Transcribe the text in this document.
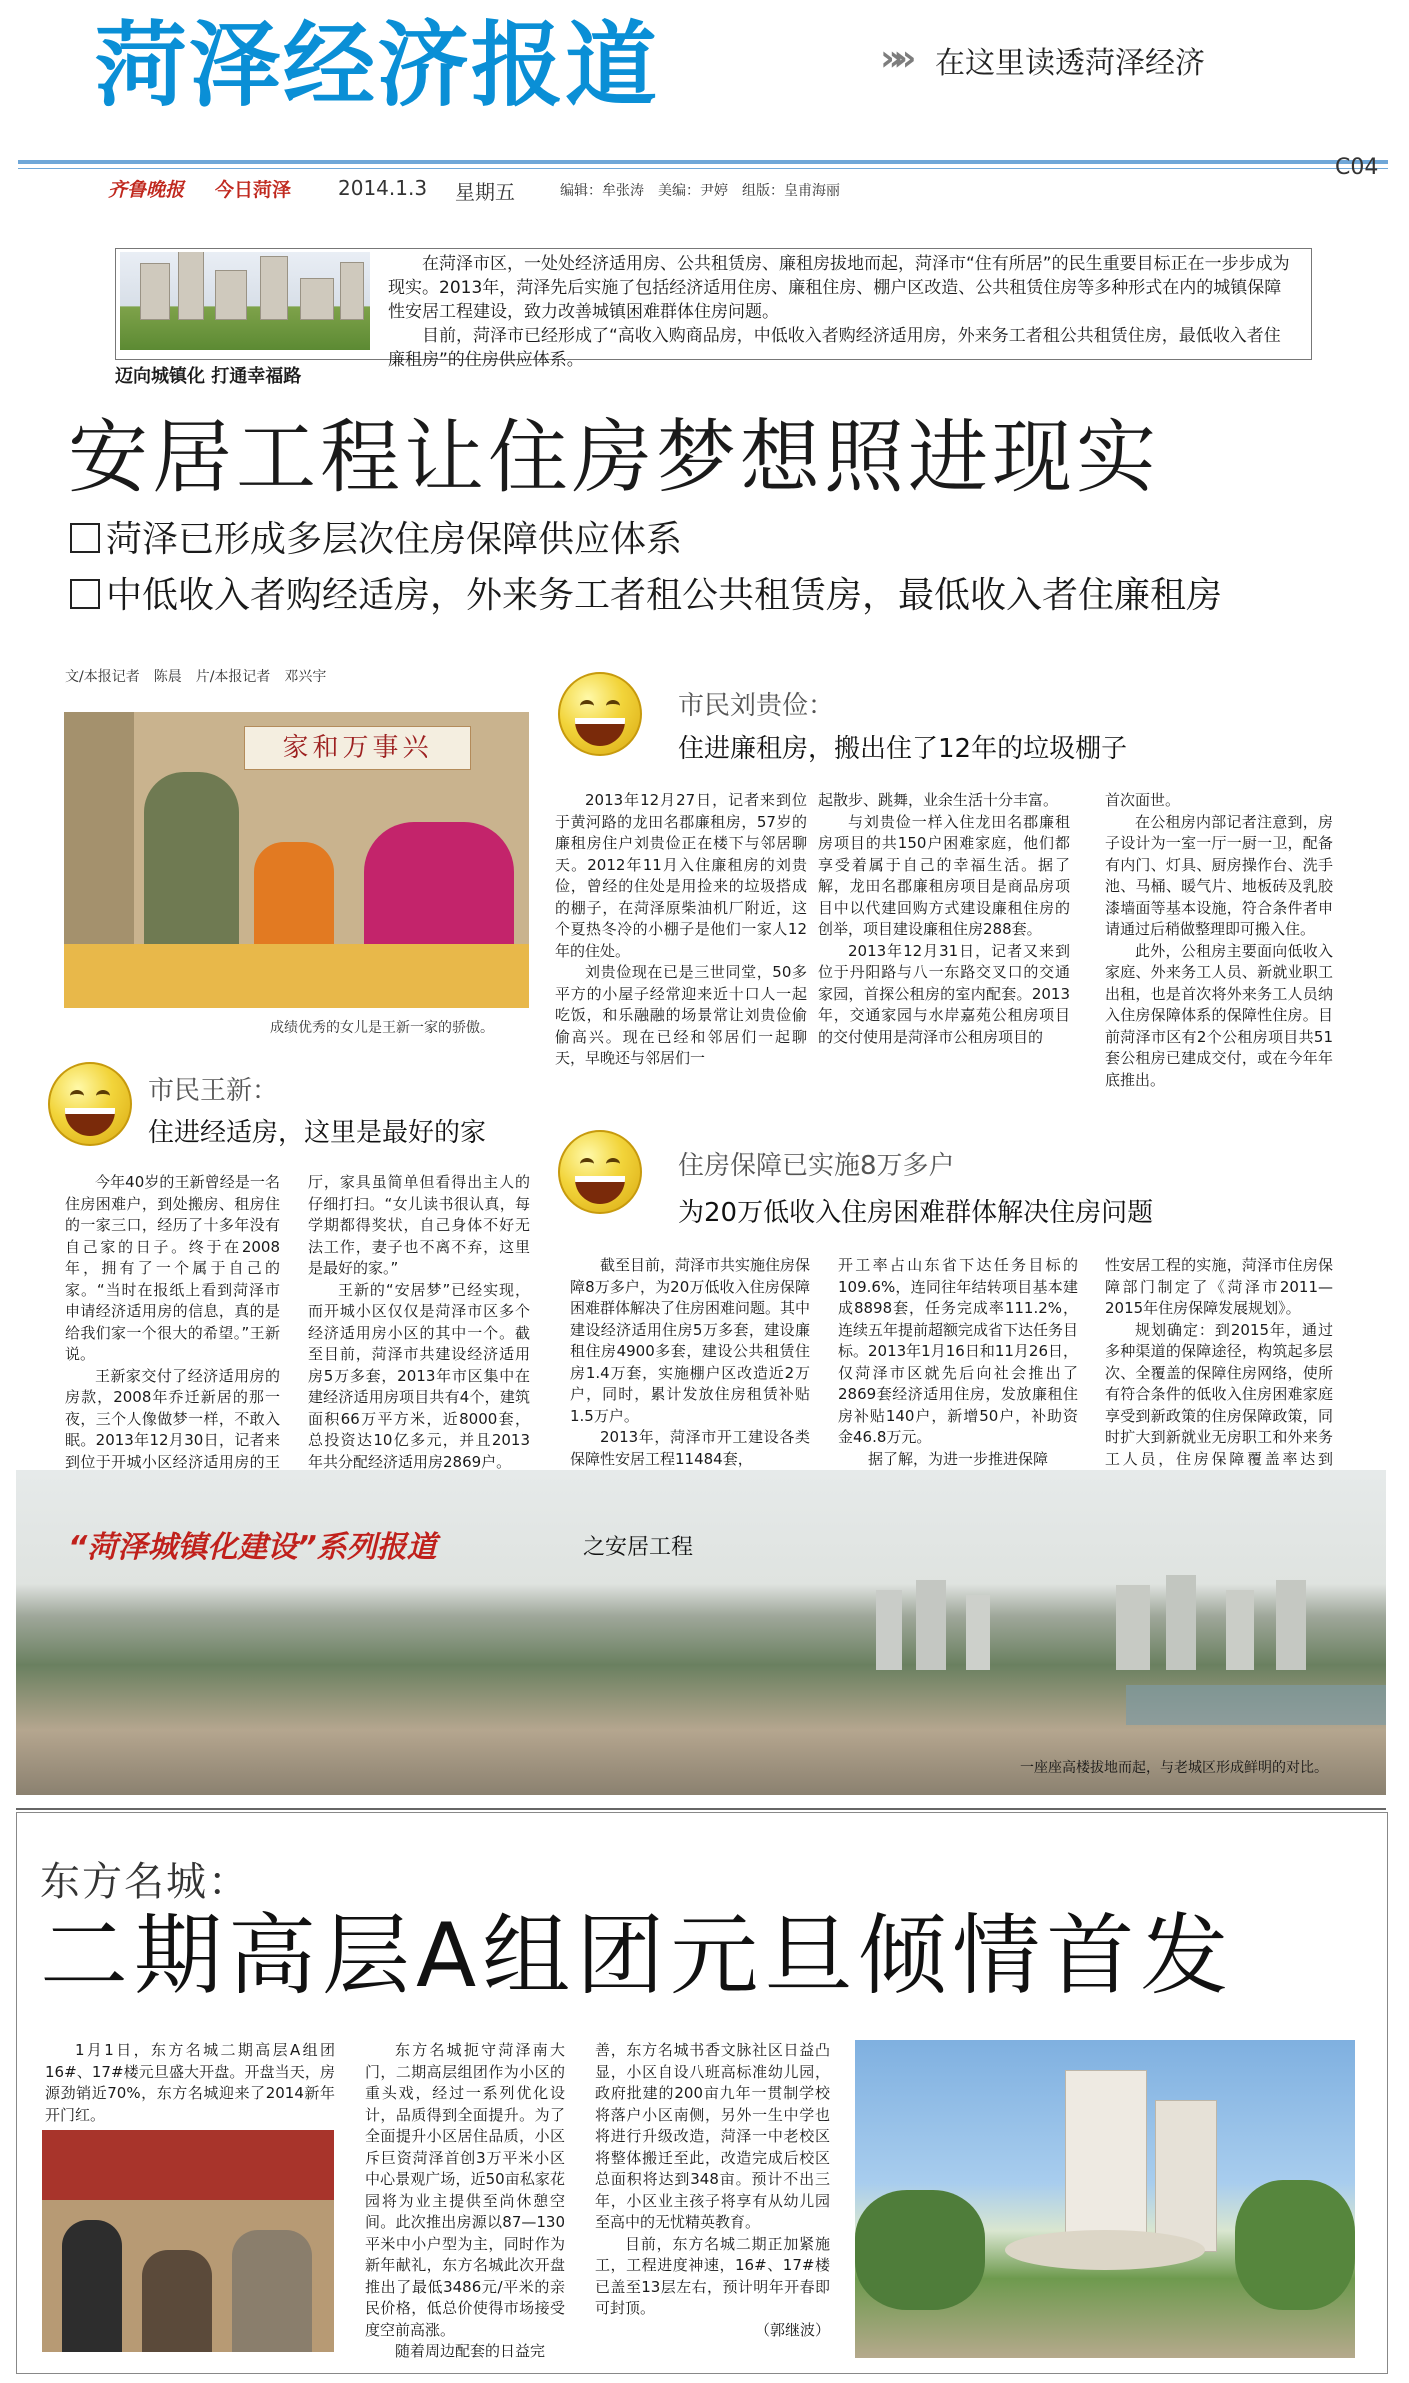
菏泽经济报道	»» 在这里读透菏泽经济
C04
齐鲁晚报 今日菏泽 2014.1.3 星期五	编辑：牟张涛　美编：尹婷　组版：皇甫海丽
在菏泽市区，一处处经济适用房、公共租赁房、廉租房拔地而起，菏泽市“住有所居”的民生重要目标正在一步步成为现实。2013年，菏泽先后实施了包括经济适用住房、廉租住房、棚户区改造、公共租赁住房等多种形式在内的城镇保障性安居工程建设，致力改善城镇困难群体住房问题。
目前，菏泽市已经形成了“高收入购商品房，中低收入者购经济适用房，外来务工者租公共租赁住房，最低收入者住廉租房”的住房供应体系。
迈向城镇化 打通幸福路
安居工程让住房梦想照进现实
菏泽已形成多层次住房保障供应体系
中低收入者购经适房，外来务工者租公共租赁房，最低收入者住廉租房
文/本报记者　陈晨　片/本报记者　邓兴宇
家和万事兴
成绩优秀的女儿是王新一家的骄傲。
市民刘贵俭：
住进廉租房，搬出住了12年的垃圾棚子
2013年12月27日，记者来到位于黄河路的龙田名郡廉租房，57岁的廉租房住户刘贵俭正在楼下与邻居聊天。2012年11月入住廉租房的刘贵俭，曾经的住处是用捡来的垃圾搭成的棚子，在菏泽原柴油机厂附近，这个夏热冬冷的小棚子是他们一家人12年的住处。
刘贵俭现在已是三世同堂，50多平方的小屋子经常迎来近十口人一起吃饭，和乐融融的场景常让刘贵俭偷偷高兴。现在已经和邻居们一起聊天，早晚还与邻居们一
起散步、跳舞，业余生活十分丰富。
与刘贵俭一样入住龙田名郡廉租房项目的共150户困难家庭，他们都享受着属于自己的幸福生活。据了解，龙田名郡廉租房项目是商品房项目中以代建回购方式建设廉租住房的创举，项目建设廉租住房288套。
2013年12月31日，记者又来到位于丹阳路与八一东路交叉口的交通家园，首探公租房的室内配套。2013年，交通家园与水岸嘉苑公租房项目的交付使用是菏泽市公租房项目的
首次面世。
在公租房内部记者注意到，房子设计为一室一厅一厨一卫，配备有内门、灯具、厨房操作台、洗手池、马桶、暖气片、地板砖及乳胶漆墙面等基本设施，符合条件者申请通过后稍做整理即可搬入住。
此外，公租房主要面向低收入家庭、外来务工人员、新就业职工出租，也是首次将外来务工人员纳入住房保障体系的保障性住房。目前菏泽市区有2个公租房项目共51套公租房已建成交付，或在今年年底推出。
市民王新：
住进经适房，这里是最好的家
今年40岁的王新曾经是一名住房困难户，到处搬房、租房住的一家三口，经历了十多年没有自己家的日子。终于在2008年，拥有了一个属于自己的家。“当时在报纸上看到菏泽市申请经济适用房的信息，真的是给我们家一个很大的希望。”王新说。
王新家交付了经济适用房的房款，2008年乔迁新居的那一夜，三个人像做梦一样，不敢入眠。2013年12月30日，记者来到位于开城小区经济适用房的王
厅，家具虽简单但看得出主人的仔细打扫。“女儿读书很认真，每学期都得奖状，自己身体不好无法工作，妻子也不离不弃，这里是最好的家。”
王新的“安居梦”已经实现，而开城小区仅仅是菏泽市区多个经济适用房小区的其中一个。截至目前，菏泽市共建设经济适用房5万多套，2013年市区集中在建经济适用房项目共有4个，建筑面积66万平方米，近8000套，总投资达10亿多元，并且2013年共分配经济适用房2869户。
住房保障已实施8万多户
为20万低收入住房困难群体解决住房问题
截至目前，菏泽市共实施住房保障8万多户，为20万低收入住房保障困难群体解决了住房困难问题。其中建设经济适用住房5万多套，建设廉租住房4900多套，建设公共租赁住房1.4万套，实施棚户区改造近2万户，同时，累计发放住房租赁补贴1.5万户。
2013年，菏泽市开工建设各类保障性安居工程11484套，
开工率占山东省下达任务目标的109.6%，连同往年结转项目基本建成8898套，任务完成率111.2%，连续五年提前超额完成省下达任务目标。2013年1月16日和11月26日，仅菏泽市区就先后向社会推出了2869套经济适用住房，发放廉租住房补贴140户，新增50户，补助资金46.8万元。
据了解，为进一步推进保障
性安居工程的实施，菏泽市住房保障部门制定了《菏泽市2011—2015年住房保障发展规划》。
规划确定：到2015年，通过多种渠道的保障途径，构筑起多层次、全覆盖的保障住房网络，使所有符合条件的低收入住房困难家庭享受到新政策的住房保障政策，同时扩大到新就业无房职工和外来务工人员，住房保障覆盖率达到
“菏泽城镇化建设”系列报道	之安居工程
一座座高楼拔地而起，与老城区形成鲜明的对比。
东方名城：
二期高层A组团元旦倾情首发
1月1日，东方名城二期高层A组团16#、17#楼元旦盛大开盘。开盘当天，房源劲销近70%，东方名城迎来了2014新年开门红。
东方名城扼守菏泽南大门，二期高层组团作为小区的重头戏，经过一系列优化设计，品质得到全面提升。为了全面提升小区居住品质，小区斥巨资菏泽首创3万平米小区中心景观广场，近50亩私家花园将为业主提供至尚休憩空间。此次推出房源以87—130平米中小户型为主，同时作为新年献礼，东方名城此次开盘推出了最低3486元/平米的亲民价格，低总价使得市场接受度空前高涨。
随着周边配套的日益完
善，东方名城书香文脉社区日益凸显，小区自设八班高标准幼儿园，政府批建的200亩九年一贯制学校将落户小区南侧，另外一生中学也将进行升级改造，菏泽一中老校区将整体搬迁至此，改造完成后校区总面积将达到348亩。预计不出三年，小区业主孩子将享有从幼儿园至高中的无忧精英教育。
目前，东方名城二期正加紧施工，工程进度神速，16#、17#楼已盖至13层左右，预计明年开春即可封顶。
（郭继波）
